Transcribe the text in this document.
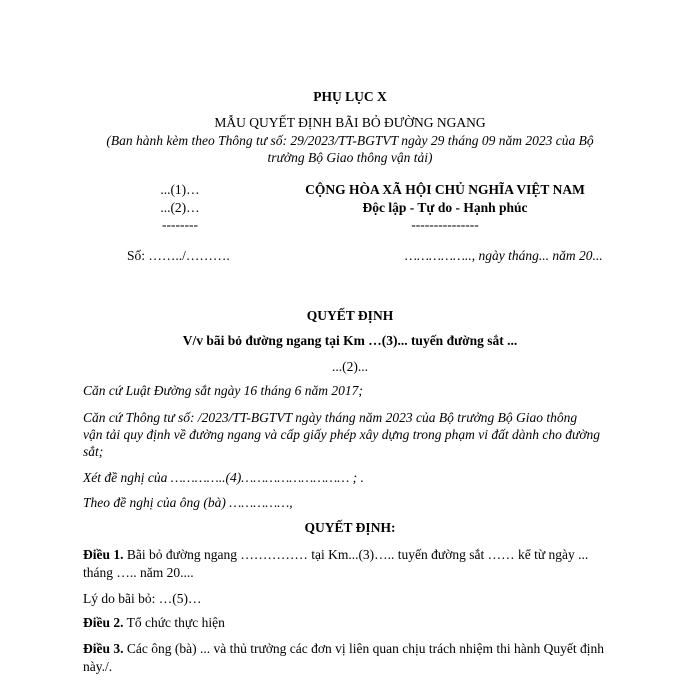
PHỤ LỤC X
MẪU QUYẾT ĐỊNH BÃI BỎ ĐƯỜNG NGANG
(Ban hành kèm theo Thông tư số: 29/2023/TT-BGTVT ngày 29 tháng 09 năm 2023 của Bộ
trưởng Bộ Giao thông vận tải)
...(1)…
...(2)…
--------
CỘNG HÒA XÃ HỘI CHỦ NGHĨA VIỆT NAM
Độc lập - Tự do - Hạnh phúc
---------------
Số: ……../……….	…………….., ngày tháng... năm 20...
QUYẾT ĐỊNH
V/v bãi bỏ đường ngang tại Km …(3)... tuyến đường sắt ...
...(2)...
Căn cứ Luật Đường sắt ngày 16 tháng 6 năm 2017;
Căn cứ Thông tư số: /2023/TT-BGTVT ngày tháng năm 2023 của Bộ trưởng Bộ Giao thông
vận tải quy định về đường ngang và cấp giấy phép xây dựng trong phạm vi đất dành cho đường
sắt;
Xét đề nghị của …………..(4)……………………… ; .
Theo đề nghị của ông (bà) ……………,
QUYẾT ĐỊNH:
Điều 1. Bãi bỏ đường ngang …………… tại Km...(3)….. tuyến đường sắt …… kể từ ngày ...
tháng ….. năm 20....
Lý do bãi bỏ: …(5)…
Điều 2. Tổ chức thực hiện
Điều 3. Các ông (bà) ... và thủ trưởng các đơn vị liên quan chịu trách nhiệm thi hành Quyết định
này./.
